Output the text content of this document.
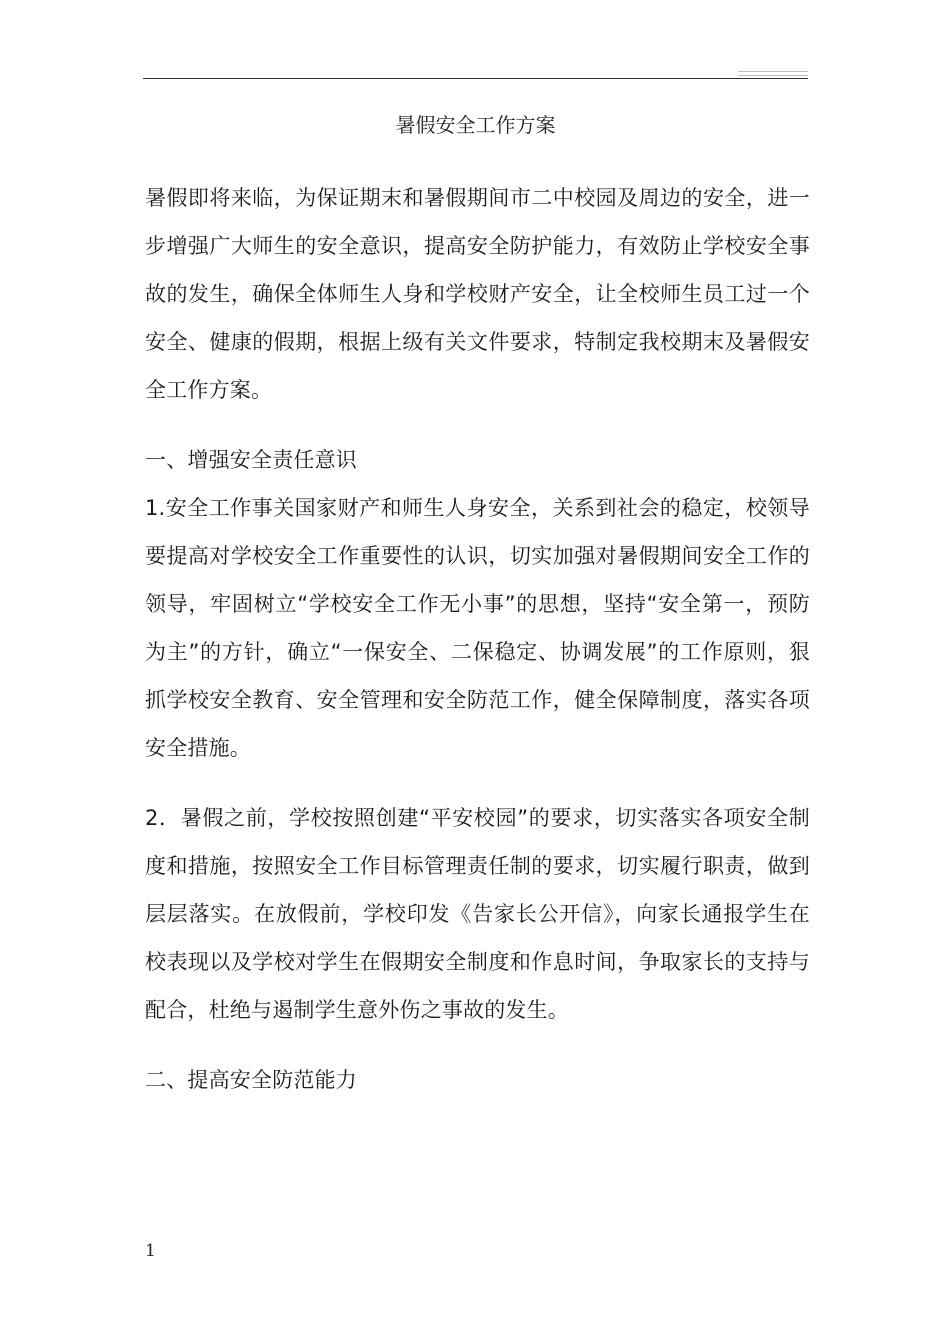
暑假安全工作方案

暑假即将来临，为保证期末和暑假期间市二中校园及周边的安全，进一步增强广大师生的安全意识，提高安全防护能力，有效防止学校安全事故的发生，确保全体师生人身和学校财产安全，让全校师生员工过一个安全、健康的假期，根据上级有关文件要求，特制定我校期末及暑假安全工作方案。

一、增强安全责任意识

1.安全工作事关国家财产和师生人身安全，关系到社会的稳定，校领导要提高对学校安全工作重要性的认识，切实加强对暑假期间安全工作的领导，牢固树立“学校安全工作无小事”的思想，坚持“安全第一，预防为主”的方针，确立“一保安全、二保稳定、协调发展”的工作原则，狠抓学校安全教育、安全管理和安全防范工作，健全保障制度，落实各项安全措施。

2．暑假之前，学校按照创建“平安校园”的要求，切实落实各项安全制度和措施，按照安全工作目标管理责任制的要求，切实履行职责，做到层层落实。在放假前，学校印发《告家长公开信》，向家长通报学生在校表现以及学校对学生在假期安全制度和作息时间，争取家长的支持与配合，杜绝与遏制学生意外伤之事故的发生。

二、提高安全防范能力

1
